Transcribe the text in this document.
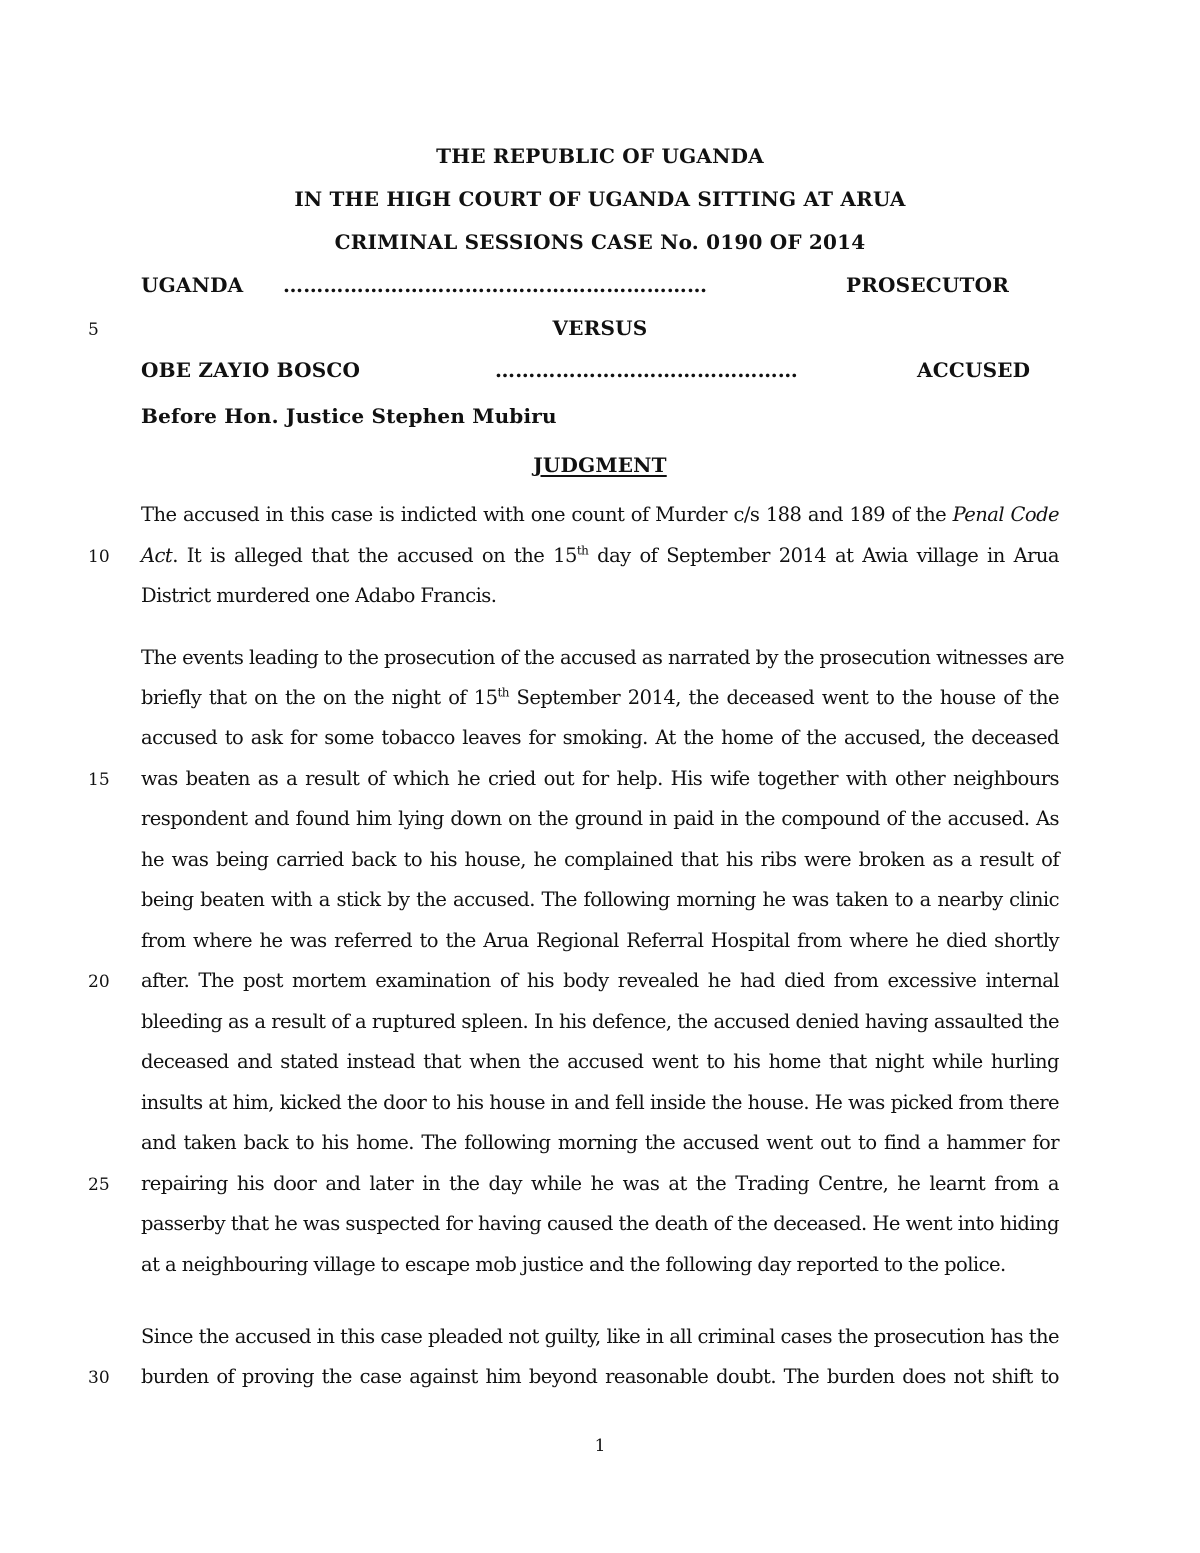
THE REPUBLIC OF UGANDA
IN THE HIGH COURT OF UGANDA SITTING AT ARUA
CRIMINAL SESSIONS CASE No. 0190 OF 2014
UGANDA ………………………………………………………	PROSECUTOR
5	VERSUS
OBE ZAYIO BOSCO	………………………………………	ACCUSED
Before Hon. Justice Stephen Mubiru
JUDGMENT
The accused in this case is indicted with one count of Murder c/s 188 and 189 of the Penal Code
10	Act. It is alleged that the accused on the 15th day of September 2014 at Awia village in Arua
District murdered one Adabo Francis.
The events leading to the prosecution of the accused as narrated by the prosecution witnesses are
briefly that on the on the night of 15th September 2014, the deceased went to the house of the
accused to ask for some tobacco leaves for smoking. At the home of the accused, the deceased
15	was beaten as a result of which he cried out for help. His wife together with other neighbours
respondent and found him lying down on the ground in paid in the compound of the accused. As
he was being carried back to his house, he complained that his ribs were broken as a result of
being beaten with a stick by the accused. The following morning he was taken to a nearby clinic
from where he was referred to the Arua Regional Referral Hospital from where he died shortly
20	after. The post mortem examination of his body revealed he had died from excessive internal
bleeding as a result of a ruptured spleen. In his defence, the accused denied having assaulted the
deceased and stated instead that when the accused went to his home that night while hurling
insults at him, kicked the door to his house in and fell inside the house. He was picked from there
and taken back to his home. The following morning the accused went out to find a hammer for
25	repairing his door and later in the day while he was at the Trading Centre, he learnt from a
passerby that he was suspected for having caused the death of the deceased. He went into hiding
at a neighbouring village to escape mob justice and the following day reported to the police.
Since the accused in this case pleaded not guilty, like in all criminal cases the prosecution has the
30	burden of proving the case against him beyond reasonable doubt. The burden does not shift to
1
